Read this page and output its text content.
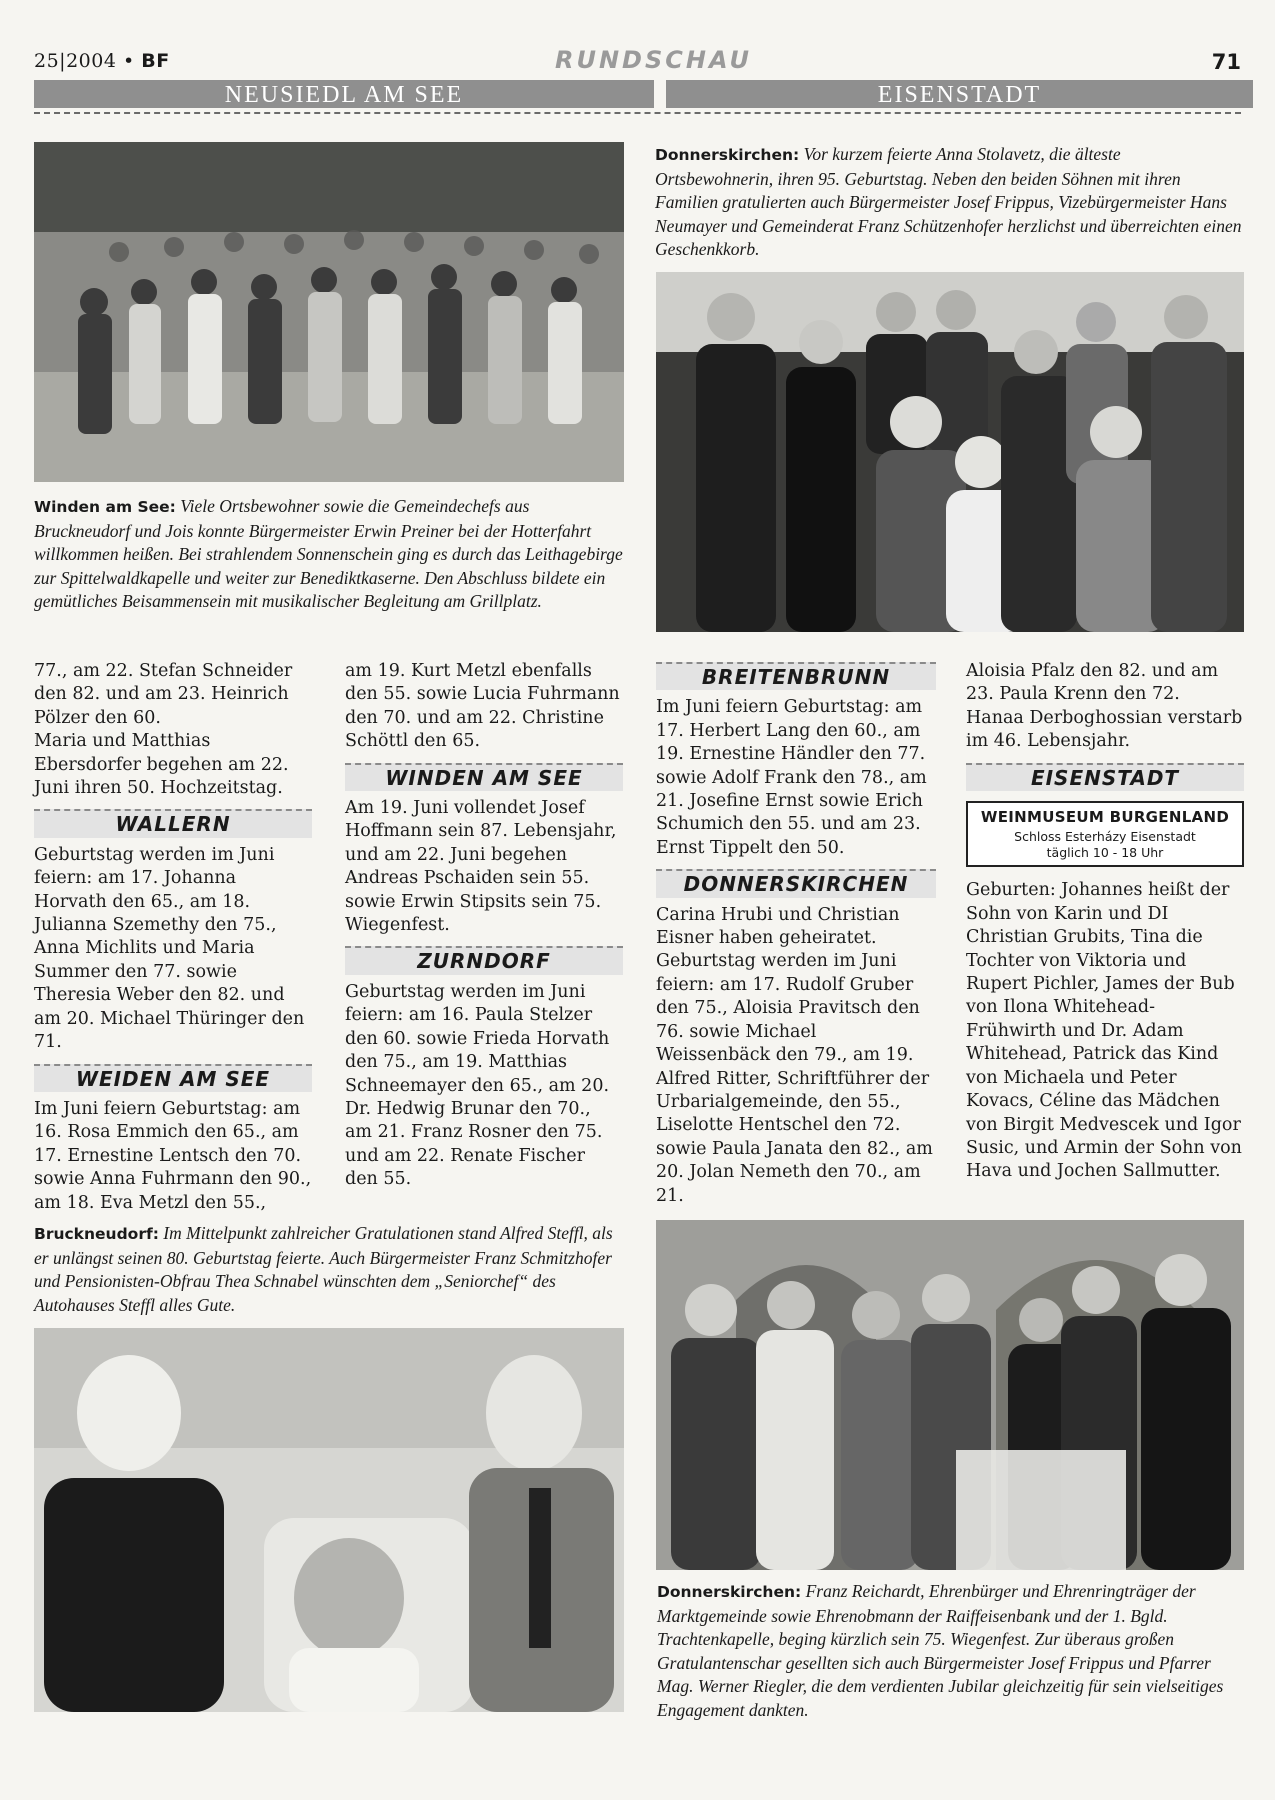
25|2004 • BF	RUNDSCHAU	71
NEUSIEDL AM SEE	EISENSTADT
Winden am See: Viele Ortsbewohner sowie die Gemeindechefs aus Bruckneudorf und Jois konnte Bürgermeister Erwin Preiner bei der Hotterfahrt willkommen heißen. Bei strahlendem Sonnenschein ging es durch das Leithagebirge zur Spittelwaldkapelle und weiter zur Benediktkaserne. Den Abschluss bildete ein gemütliches Beisammensein mit musikalischer Begleitung am Grillplatz.
Donnerskirchen: Vor kurzem feierte Anna Stolavetz, die älteste Ortsbewohnerin, ihren 95. Geburtstag. Neben den beiden Söhnen mit ihren Familien gratulierten auch Bürgermeister Josef Frippus, Vizebürgermeister Hans Neumayer und Gemeinderat Franz Schützenhofer herzlichst und überreichten einen Geschenkkorb.

77., am 22. Stefan Schneider den 82. und am 23. Heinrich Pölzer den 60.

Maria und Matthias Ebersdorfer begehen am 22. Juni ihren 50. Hochzeitstag.

WALLERN

Geburtstag werden im Juni feiern: am 17. Johanna Horvath den 65., am 18. Julianna Szemethy den 75., Anna Michlits und Maria Summer den 77. sowie Theresia Weber den 82. und am 20. Michael Thüringer den 71.

WEIDEN AM SEE

Im Juni feiern Geburtstag: am 16. Rosa Emmich den 65., am 17. Ernestine Lentsch den 70. sowie Anna Fuhrmann den 90., am 18. Eva Metzl den 55.,

am 19. Kurt Metzl ebenfalls den 55. sowie Lucia Fuhrmann den 70. und am 22. Christine Schöttl den 65.

WINDEN AM SEE

Am 19. Juni vollendet Josef Hoffmann sein 87. Lebensjahr, und am 22. Juni begehen Andreas Pschaiden sein 55. sowie Erwin Stipsits sein 75. Wiegenfest.

ZURNDORF

Geburtstag werden im Juni feiern: am 16. Paula Stelzer den 60. sowie Frieda Horvath den 75., am 19. Matthias Schneemayer den 65., am 20. Dr. Hedwig Brunar den 70., am 21. Franz Rosner den 75. und am 22. Renate Fischer den 55.

BREITENBRUNN

Im Juni feiern Geburtstag: am 17. Herbert Lang den 60., am 19. Ernestine Händler den 77. sowie Adolf Frank den 78., am 21. Josefine Ernst sowie Erich Schumich den 55. und am 23. Ernst Tippelt den 50.

DONNERSKIRCHEN

Carina Hrubi und Christian Eisner haben geheiratet.

Geburtstag werden im Juni feiern: am 17. Rudolf Gruber den 75., Aloisia Pravitsch den 76. sowie Michael Weissenbäck den 79., am 19. Alfred Ritter, Schriftführer der Urbarialgemeinde, den 55., Liselotte Hentschel den 72. sowie Paula Janata den 82., am 20. Jolan Nemeth den 70., am 21.

Aloisia Pfalz den 82. und am 23. Paula Krenn den 72.

Hanaa Derboghossian verstarb im 46. Lebensjahr.

EISENSTADT
WEINMUSEUM BURGENLAND
Schloss Esterházy Eisenstadt
täglich 10 - 18 Uhr

Geburten: Johannes heißt der Sohn von Karin und DI Christian Grubits, Tina die Tochter von Viktoria und Rupert Pichler, James der Bub von Ilona Whitehead-Frühwirth und Dr. Adam Whitehead, Patrick das Kind von Michaela und Peter Kovacs, Céline das Mädchen von Birgit Medvescek und Igor Susic, und Armin der Sohn von Hava und Jochen Sallmutter.

Bruckneudorf: Im Mittelpunkt zahlreicher Gratulationen stand Alfred Steffl, als er unlängst seinen 80. Geburtstag feierte. Auch Bürgermeister Franz Schmitzhofer und Pensionisten-Obfrau Thea Schnabel wünschten dem „Seniorchef“ des Autohauses Steffl alles Gute.
Donnerskirchen: Franz Reichardt, Ehrenbürger und Ehrenringträger der Marktgemeinde sowie Ehrenobmann der Raiffeisenbank und der 1. Bgld. Trachtenkapelle, beging kürzlich sein 75. Wiegenfest. Zur überaus großen Gratulantenschar gesellten sich auch Bürgermeister Josef Frippus und Pfarrer Mag. Werner Riegler, die dem verdienten Jubilar gleichzeitig für sein vielseitiges Engagement dankten.
